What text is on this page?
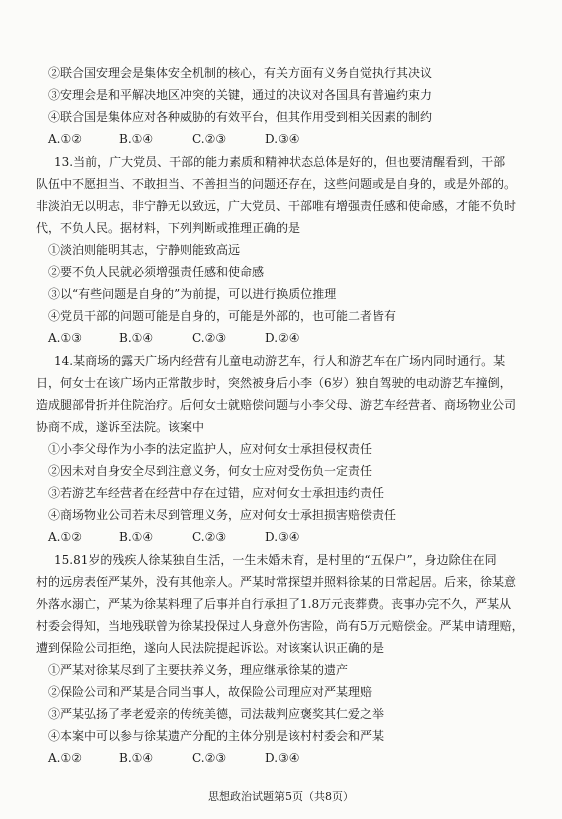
②联合国安理会是集体安全机制的核心，有关方面有义务自觉执行其决议
③安理会是和平解决地区冲突的关键，通过的决议对各国具有普遍约束力
④联合国是集体应对各种威胁的有效平台，但其作用受到相关因素的制约
A.①②	B.①④	C.②③	D.③④
13.当前，广大党员、干部的能力素质和精神状态总体是好的，但也要清醒看到，干部
队伍中不愿担当、不敢担当、不善担当的问题还存在，这些问题或是自身的，或是外部的。
非淡泊无以明志，非宁静无以致远，广大党员、干部唯有增强责任感和使命感，才能不负时
代，不负人民。据材料，下列判断或推理正确的是
①淡泊则能明其志，宁静则能致高远
②要不负人民就必须增强责任感和使命感
③以“有些问题是自身的”为前提，可以进行换质位推理
④党员干部的问题可能是自身的，可能是外部的，也可能二者皆有
A.①③	B.①④	C.②③	D.②④
14.某商场的露天广场内经营有儿童电动游艺车，行人和游艺车在广场内同时通行。某
日，何女士在该广场内正常散步时，突然被身后小李（6岁）独自驾驶的电动游艺车撞倒，
造成腿部骨折并住院治疗。后何女士就赔偿问题与小李父母、游艺车经营者、商场物业公司
协商不成，遂诉至法院。该案中
①小李父母作为小李的法定监护人，应对何女士承担侵权责任
②因未对自身安全尽到注意义务，何女士应对受伤负一定责任
③若游艺车经营者在经营中存在过错，应对何女士承担违约责任
④商场物业公司若未尽到管理义务，应对何女士承担损害赔偿责任
A.①②	B.①④	C.②③	D.③④
15.81岁的残疾人徐某独自生活，一生未婚未育，是村里的“五保户”，身边除住在同
村的远房表侄严某外，没有其他亲人。严某时常探望并照料徐某的日常起居。后来，徐某意
外落水溺亡，严某为徐某料理了后事并自行承担了1.8万元丧葬费。丧事办完不久，严某从
村委会得知，当地残联曾为徐某投保过人身意外伤害险，尚有5万元赔偿金。严某申请理赔，
遭到保险公司拒绝，遂向人民法院提起诉讼。对该案认识正确的是
①严某对徐某尽到了主要扶养义务，理应继承徐某的遗产
②保险公司和严某是合同当事人，故保险公司理应对严某理赔
③严某弘扬了孝老爱亲的传统美德，司法裁判应褒奖其仁爱之举
④本案中可以参与徐某遗产分配的主体分别是该村村委会和严某
A.①②	B.①④	C.②③	D.③④
思想政治试题第5页（共8页）
